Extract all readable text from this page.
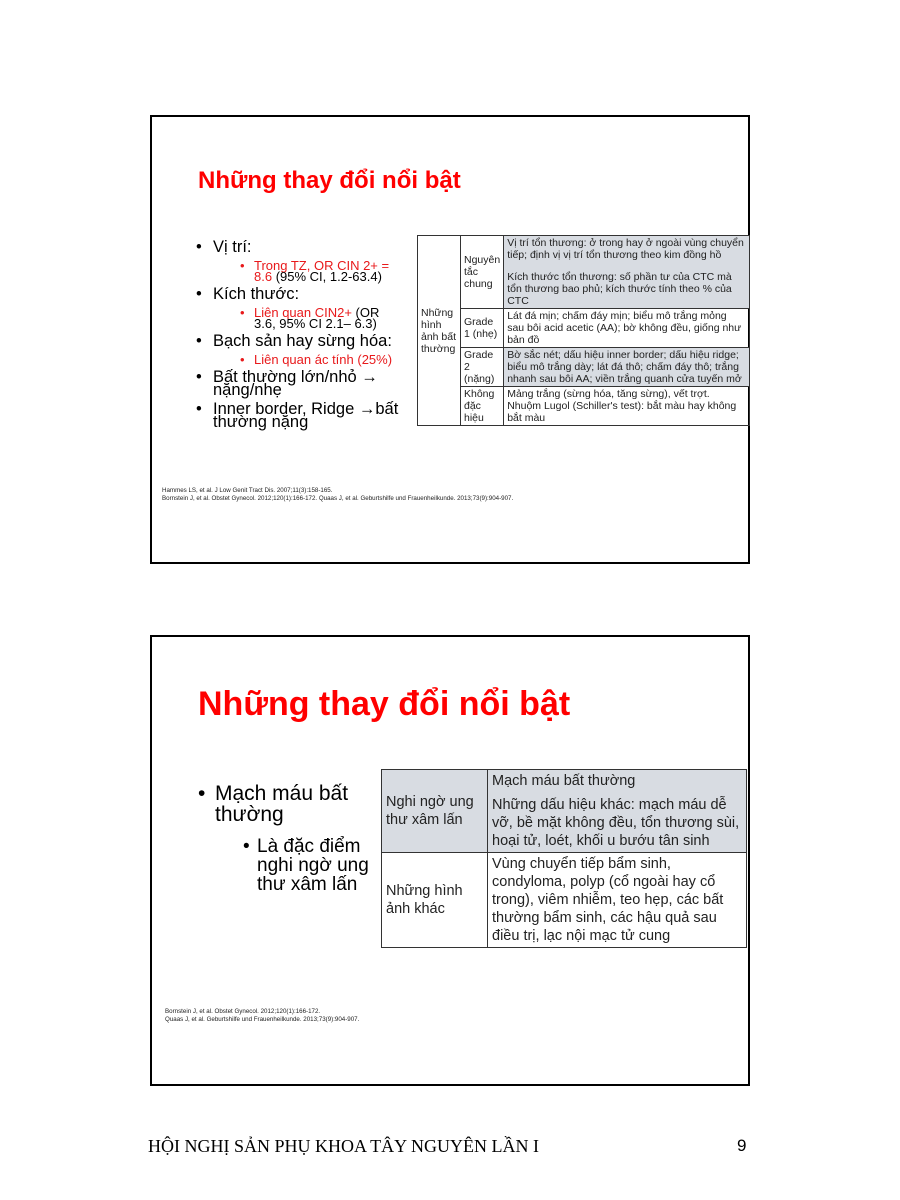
Những thay đổi nổi bật
• Vị trí:
• Trong TZ, OR CIN 2+ = 8.6 (95% CI, 1.2-63.4)
• Kích thước:
• Liên quan CIN2+ (OR 3.6, 95% CI 2.1– 6.3)
• Bạch sản hay sừng hóa:
• Liên quan ác tính (25%)
• Bất thường lớn/nhỏ → nặng/nhẹ
• Inner border, Ridge →bất thường nặng
Những hình ảnh bất thường	Nguyên tắc chung	Vị trí tổn thương: ở trong hay ở ngoài vùng chuyển tiếp; định vị vị trí tổn thương theo kim đồng hồ
Kích thước tổn thương: số phần tư của CTC mà tổn thương bao phủ; kích thước tính theo % của CTC

	Grade 1 (nhẹ)	Lát đá mịn; chấm đáy mịn; biểu mô trắng mỏng sau bôi acid acetic (AA); bờ không đều, giống như bản đồ
	Grade 2 (nặng)	Bờ sắc nét; dấu hiệu inner border; dấu hiệu ridge; biểu mô trắng dày; lát đá thô; chấm đáy thô; trắng nhanh sau bôi AA; viền trắng quanh cửa tuyến mở
	Không đặc hiệu	Mảng trắng (sừng hóa, tăng sừng), vết trợt. Nhuộm Lugol (Schiller's test): bắt màu hay không bắt màu
Hammes LS, et al. J Low Genit Tract Dis. 2007;11(3):158-165.
Bornstein J, et al. Obstet Gynecol. 2012;120(1):166-172. Quaas J, et al. Geburtshilfe und Frauenheilkunde. 2013;73(9):904-907.
Những thay đổi nổi bật
• Mạch máu bất thường
• Là đặc điểm nghi ngờ ung thư xâm lấn
Nghi ngờ ung thư xâm lấn	Mạch máu bất thường
Những dấu hiệu khác: mạch máu dễ vỡ, bề mặt không đều, tổn thương sùi, hoại tử, loét, khối u bướu tân sinh

Những hình ảnh khác	Vùng chuyển tiếp bẩm sinh, condyloma, polyp (cổ ngoài hay cổ trong), viêm nhiễm, teo hẹp, các bất thường bẩm sinh, các hậu quả sau điều trị, lạc nội mạc tử cung
Bornstein J, et al. Obstet Gynecol. 2012;120(1):166-172.
Quaas J, et al. Geburtshilfe und Frauenheilkunde. 2013;73(9):904-907.
HỘI NGHỊ SẢN PHỤ KHOA TÂY NGUYÊN LẦN I	9
